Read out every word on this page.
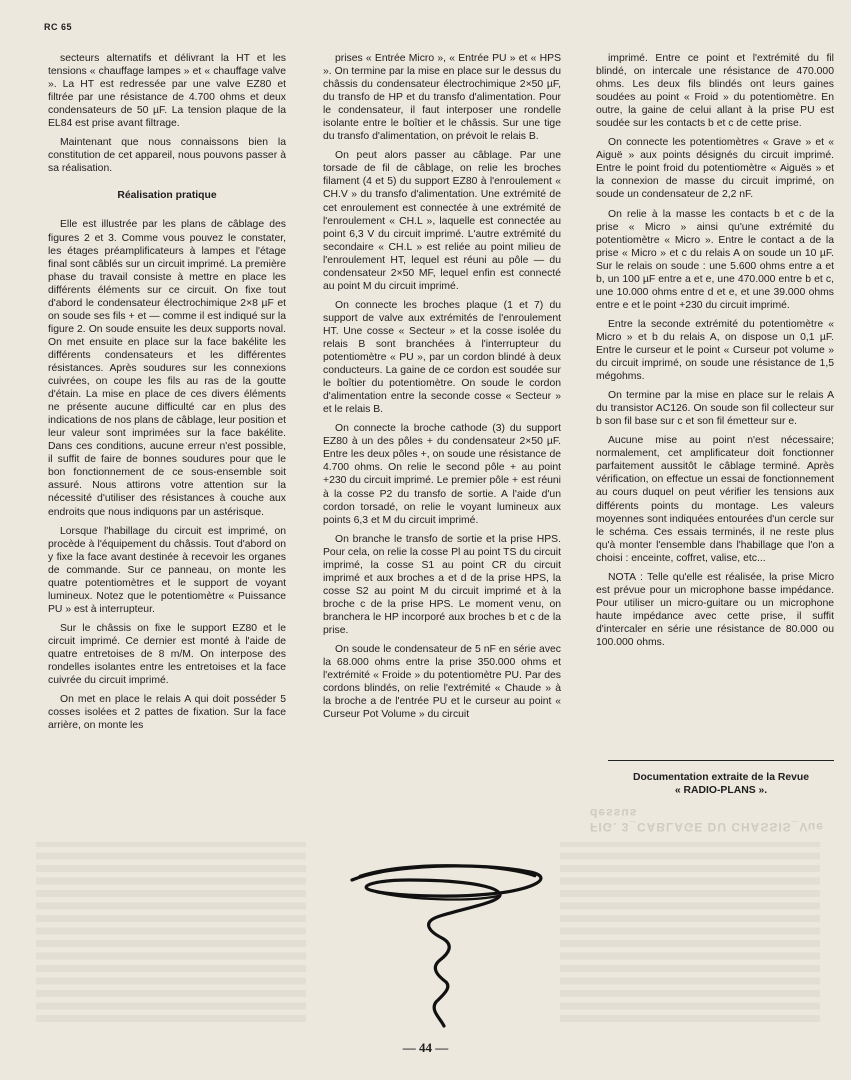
RC 65

secteurs alternatifs et délivrant la HT et les tensions « chauffage lampes » et « chauffage valve ». La HT est redressée par une valve EZ80 et filtrée par une résistance de 4.700 ohms et deux condensateurs de 50 µF. La tension plaque de la EL84 est prise avant filtrage.

Maintenant que nous connaissons bien la constitution de cet appareil, nous pouvons passer à sa réalisation.

Réalisation pratique

Elle est illustrée par les plans de câblage des figures 2 et 3. Comme vous pouvez le constater, les étages préamplificateurs à lampes et l'étage final sont câblés sur un circuit imprimé. La première phase du travail consiste à mettre en place les différents éléments sur ce circuit. On fixe tout d'abord le condensateur électrochimique 2×8 µF et on soude ses fils + et — comme il est indiqué sur la figure 2. On soude ensuite les deux supports noval. On met ensuite en place sur la face bakélite les différents condensateurs et les différentes résistances. Après soudures sur les connexions cuivrées, on coupe les fils au ras de la goutte d'étain. La mise en place de ces divers éléments ne présente aucune difficulté car en plus des indications de nos plans de câblage, leur position et leur valeur sont imprimées sur la face bakélite. Dans ces conditions, aucune erreur n'est possible, il suffit de faire de bonnes soudures pour que le bon fonctionnement de ce sous-ensemble soit assuré. Nous attirons votre attention sur la nécessité d'utiliser des résistances à couche aux endroits que nous indiquons par un astérisque.

Lorsque l'habillage du circuit est imprimé, on procède à l'équipement du châssis. Tout d'abord on y fixe la face avant destinée à recevoir les organes de commande. Sur ce panneau, on monte les quatre potentiomètres et le support de voyant lumineux. Notez que le potentiomètre « Puissance PU » est à interrupteur.

Sur le châssis on fixe le support EZ80 et le circuit imprimé. Ce dernier est monté à l'aide de quatre entretoises de 8 m/M. On interpose des rondelles isolantes entre les entretoises et la face cuivrée du circuit imprimé.

On met en place le relais A qui doit posséder 5 cosses isolées et 2 pattes de fixation. Sur la face arrière, on monte les

prises « Entrée Micro », « Entrée PU » et « HPS ». On termine par la mise en place sur le dessus du châssis du condensateur électrochimique 2×50 µF, du transfo de HP et du transfo d'alimentation. Pour le condensateur, il faut interposer une rondelle isolante entre le boîtier et le châssis. Sur une tige du transfo d'alimentation, on prévoit le relais B.

On peut alors passer au câblage. Par une torsade de fil de câblage, on relie les broches filament (4 et 5) du support EZ80 à l'enroulement « CH.V » du transfo d'alimentation. Une extrémité de cet enroulement est connectée à une extrémité de l'enroulement « CH.L », laquelle est connectée au point 6,3 V du circuit imprimé. L'autre extrémité du secondaire « CH.L » est reliée au point milieu de l'enroulement HT, lequel est réuni au pôle — du condensateur 2×50 MF, lequel enfin est connecté au point M du circuit imprimé.

On connecte les broches plaque (1 et 7) du support de valve aux extrémités de l'enroulement HT. Une cosse « Secteur » et la cosse isolée du relais B sont branchées à l'interrupteur du potentiomètre « PU », par un cordon blindé à deux conducteurs. La gaine de ce cordon est soudée sur le boîtier du potentiomètre. On soude le cordon d'alimentation entre la seconde cosse « Secteur » et le relais B.

On connecte la broche cathode (3) du support EZ80 à un des pôles + du condensateur 2×50 µF. Entre les deux pôles +, on soude une résistance de 4.700 ohms. On relie le second pôle + au point +230 du circuit imprimé. Le premier pôle + est réuni à la cosse P2 du transfo de sortie. A l'aide d'un cordon torsadé, on relie le voyant lumineux aux points 6,3 et M du circuit imprimé.

On branche le transfo de sortie et la prise HPS. Pour cela, on relie la cosse Pl au point TS du circuit imprimé, la cosse S1 au point CR du circuit imprimé et aux broches a et d de la prise HPS, la cosse S2 au point M du circuit imprimé et à la broche c de la prise HPS. Le moment venu, on branchera le HP incorporé aux broches b et c de la prise.

On soude le condensateur de 5 nF en série avec la 68.000 ohms entre la prise 350.000 ohms et l'extrémité « Froide » du potentiomètre PU. Par des cordons blindés, on relie l'extrémité « Chaude » à la broche a de l'entrée PU et le curseur au point « Curseur Pot Volume » du circuit

imprimé. Entre ce point et l'extrémité du fil blindé, on intercale une résistance de 470.000 ohms. Les deux fils blindés ont leurs gaines soudées au point « Froid » du potentiomètre. En outre, la gaine de celui allant à la prise PU est soudée sur les contacts b et c de cette prise.

On connecte les potentiomètres « Grave » et « Aiguë » aux points désignés du circuit imprimé. Entre le point froid du potentiomètre « Aiguës » et la connexion de masse du circuit imprimé, on soude un condensateur de 2,2 nF.

On relie à la masse les contacts b et c de la prise « Micro » ainsi qu'une extrémité du potentiomètre « Micro ». Entre le contact a de la prise « Micro » et c du relais A on soude un 10 µF. Sur le relais on soude : une 5.600 ohms entre a et b, un 100 µF entre a et e, une 470.000 entre b et c, une 10.000 ohms entre d et e, et une 39.000 ohms entre e et le point +230 du circuit imprimé.

Entre la seconde extrémité du potentiomètre « Micro » et b du relais A, on dispose un 0,1 µF. Entre le curseur et le point « Curseur pot volume » du circuit imprimé, on soude une résistance de 1,5 mégohms.

On termine par la mise en place sur le relais A du transistor AC126. On soude son fil collecteur sur b son fil base sur c et son fil émetteur sur e.

Aucune mise au point n'est nécessaire; normalement, cet amplificateur doit fonctionner parfaitement aussitôt le câblage terminé. Après vérification, on effectue un essai de fonctionnement au cours duquel on peut vérifier les tensions aux différents points du montage. Les valeurs moyennes sont indiquées entourées d'un cercle sur le schéma. Ces essais terminés, il ne reste plus qu'à monter l'ensemble dans l'habillage que l'on a choisi : enceinte, coffret, valise, etc...

NOTA : Telle qu'elle est réalisée, la prise Micro est prévue pour un microphone basse impédance. Pour utiliser un micro-guitare ou un microphone haute impédance avec cette prise, il suffit d'intercaler en série une résistance de 80.000 ou 100.000 ohms.

Documentation extraite de la Revue
« RADIO-PLANS ».
FIG. 3_CABLAGE DU CHASSIS_Vue dessus
— 44 —
